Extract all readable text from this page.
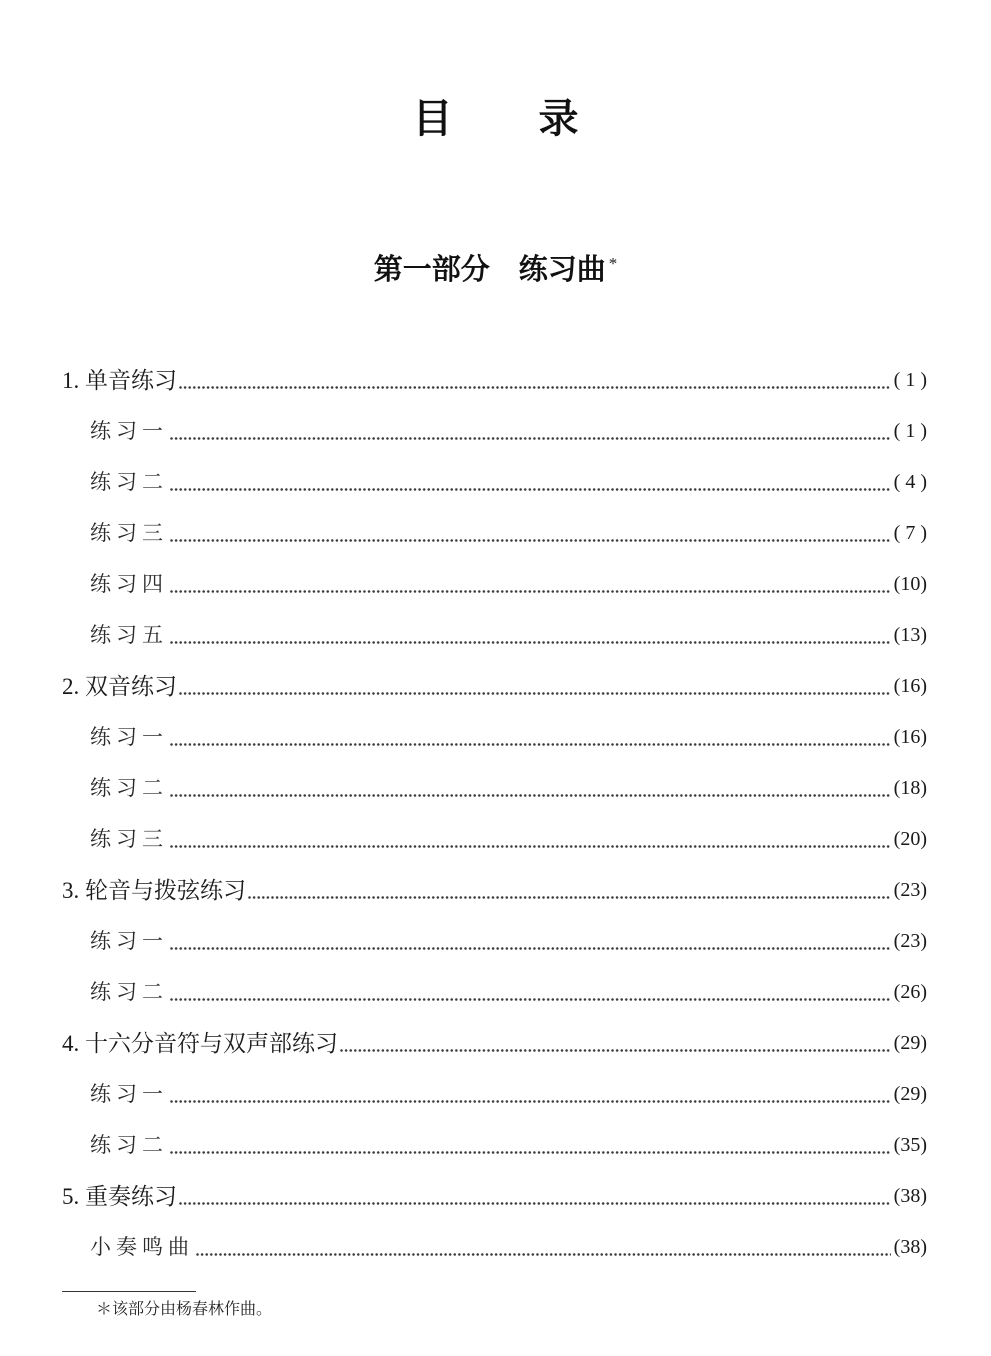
目　录
第一部分　练习曲 *
1. 单音练习	( 1 )
练习一	( 1 )
练习二	( 4 )
练习三	( 7 )
练习四	(10)
练习五	(13)
2. 双音练习	(16)
练习一	(16)
练习二	(18)
练习三	(20)
3. 轮音与拨弦练习	(23)
练习一	(23)
练习二	(26)
4. 十六分音符与双声部练习	(29)
练习一	(29)
练习二	(35)
5. 重奏练习	(38)
小奏鸣曲	(38)
＊该部分由杨春林作曲。
